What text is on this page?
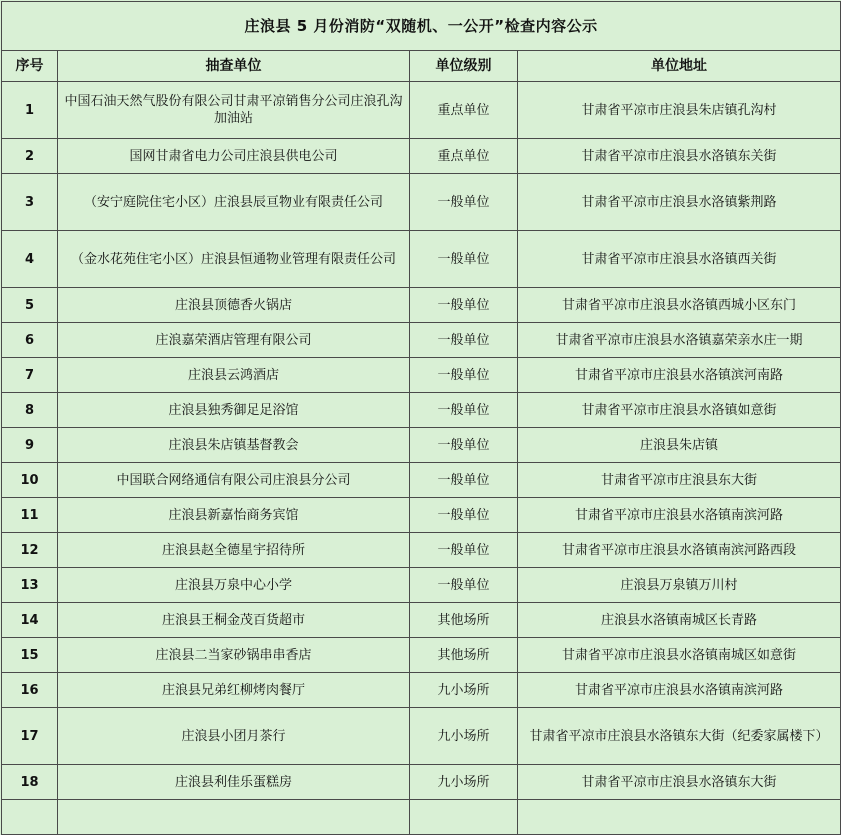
庄浪县 5 月份消防“双随机、一公开”检查内容公示			
序号	抽查单位	单位级别	单位地址
1	中国石油天然气股份有限公司甘肃平凉销售分公司庄浪孔沟加油站	重点单位	甘肃省平凉市庄浪县朱店镇孔沟村
2	国网甘肃省电力公司庄浪县供电公司	重点单位	甘肃省平凉市庄浪县水洛镇东关街
3	（安宁庭院住宅小区）庄浪县辰亘物业有限责任公司	一般单位	甘肃省平凉市庄浪县水洛镇紫荆路
4	（金水花苑住宅小区）庄浪县恒通物业管理有限责任公司	一般单位	甘肃省平凉市庄浪县水洛镇西关街
5	庄浪县顶德香火锅店	一般单位	甘肃省平凉市庄浪县水洛镇西城小区东门
6	庄浪嘉荣酒店管理有限公司	一般单位	甘肃省平凉市庄浪县水洛镇嘉荣亲水庄一期
7	庄浪县云鸿酒店	一般单位	甘肃省平凉市庄浪县水洛镇滨河南路
8	庄浪县独秀御足足浴馆	一般单位	甘肃省平凉市庄浪县水洛镇如意街
9	庄浪县朱店镇基督教会	一般单位	庄浪县朱店镇
10	中国联合网络通信有限公司庄浪县分公司	一般单位	甘肃省平凉市庄浪县东大街
11	庄浪县新嘉怡商务宾馆	一般单位	甘肃省平凉市庄浪县水洛镇南滨河路
12	庄浪县赵全德星宇招待所	一般单位	甘肃省平凉市庄浪县水洛镇南滨河路西段
13	庄浪县万泉中心小学	一般单位	庄浪县万泉镇万川村
14	庄浪县王桐金茂百货超市	其他场所	庄浪县水洛镇南城区长青路
15	庄浪县二当家砂锅串串香店	其他场所	甘肃省平凉市庄浪县水洛镇南城区如意街
16	庄浪县兄弟红柳烤肉餐厅	九小场所	甘肃省平凉市庄浪县水洛镇南滨河路
17	庄浪县小团月茶行	九小场所	甘肃省平凉市庄浪县水洛镇东大街（纪委家属楼下）
18	庄浪县利佳乐蛋糕房	九小场所	甘肃省平凉市庄浪县水洛镇东大街
